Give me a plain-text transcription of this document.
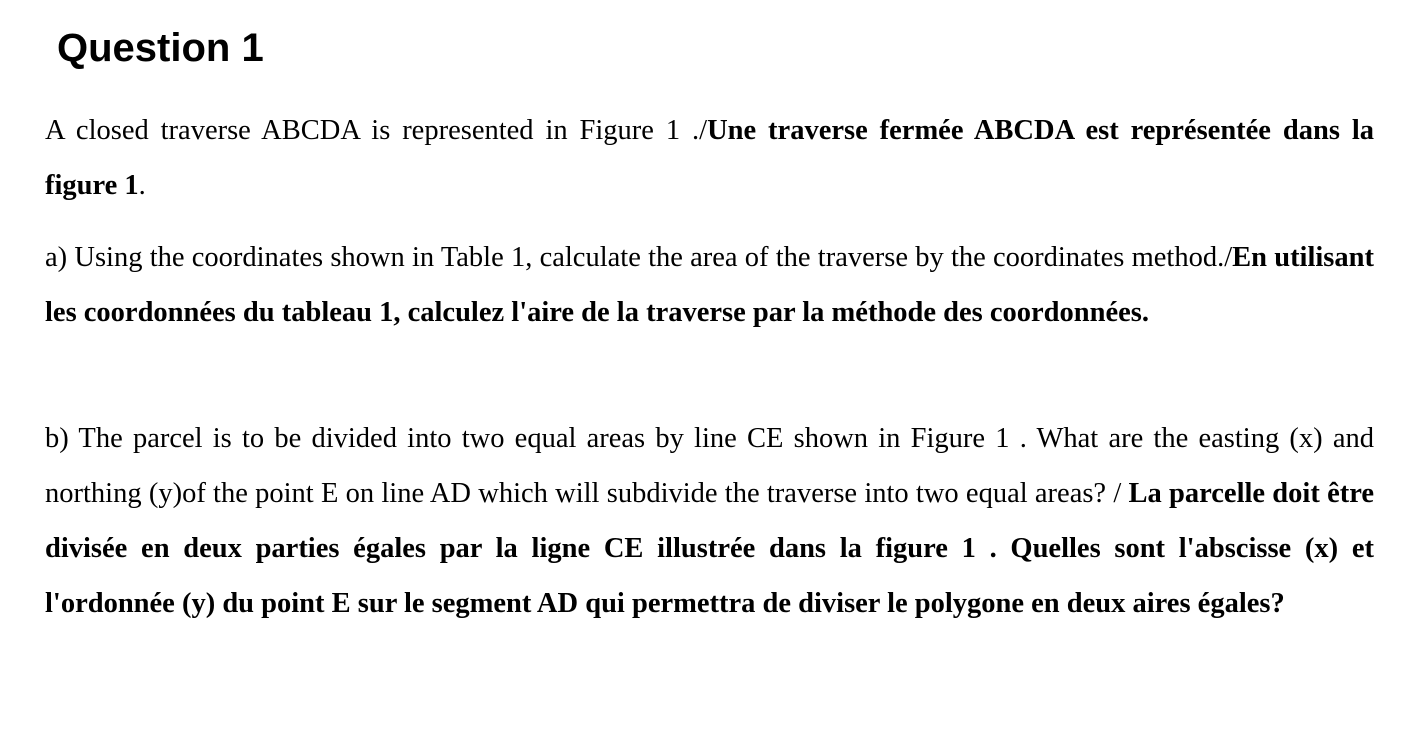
Question 1

A closed traverse ABCDA is represented in Figure 1 ./Une traverse fermée ABCDA est représentée dans la figure 1.

a) Using the coordinates shown in Table 1, calculate the area of the traverse by the coordinates method./En utilisant les coordonnées du tableau 1, calculez l'aire de la traverse par la méthode des coordonnées.

b) The parcel is to be divided into two equal areas by line CE shown in Figure 1 . What are the easting (x) and northing (y)of the point E on line AD which will subdivide the traverse into two equal areas? / La parcelle doit être divisée en deux parties égales par la ligne CE illustrée dans la figure 1 . Quelles sont l'abscisse (x) et l'ordonnée (y) du point E sur le segment AD qui permettra de diviser le polygone en deux aires égales?
